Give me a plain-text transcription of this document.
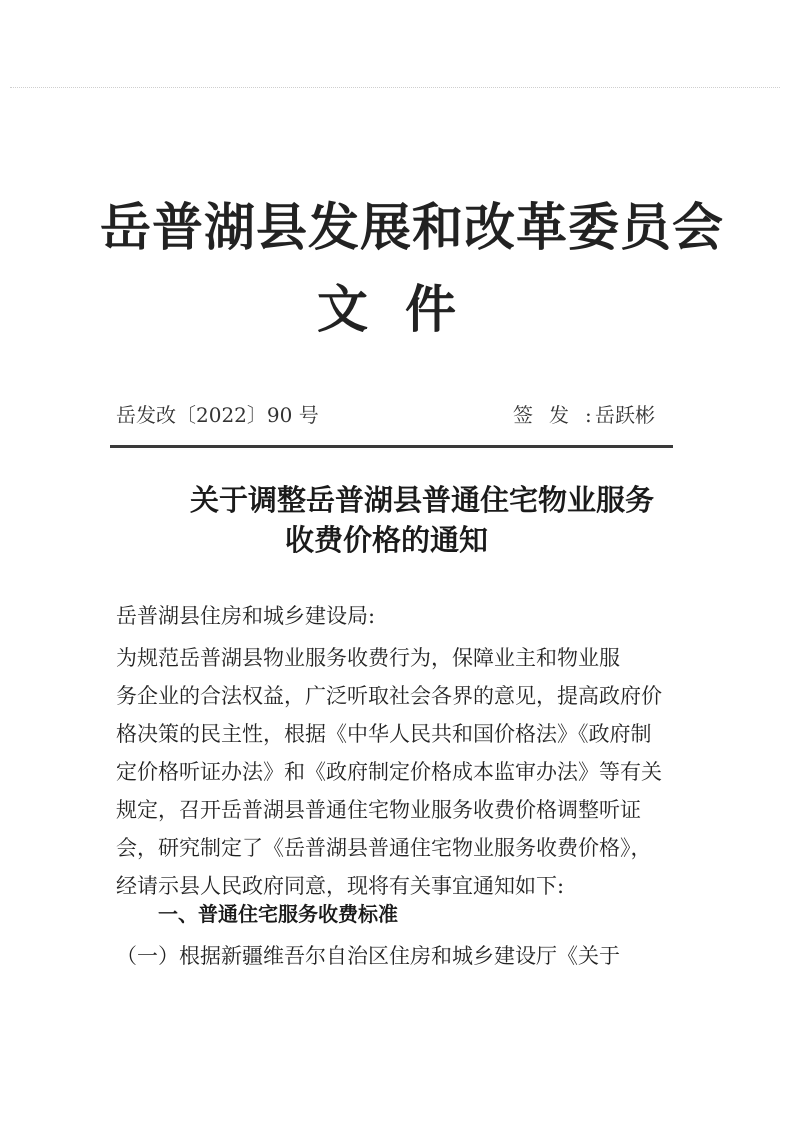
岳普湖县发展和改革委员会
文 件
岳发改〔2022〕90 号	签发:
岳跃彬
关于调整岳普湖县普通住宅物业服务
收费价格的通知
岳普湖县住房和城乡建设局:
为规范岳普湖县物业服务收费行为，保障业主和物业服
务企业的合法权益，广泛听取社会各界的意见，提高政府价
格决策的民主性，根据《中华人民共和国价格法》《政府制
定价格听证办法》和《政府制定价格成本监审办法》等有关
规定，召开岳普湖县普通住宅物业服务收费价格调整听证
会，研究制定了《岳普湖县普通住宅物业服务收费价格》，
经请示县人民政府同意，现将有关事宜通知如下:
一、普通住宅服务收费标准
（一）根据新疆维吾尔自治区住房和城乡建设厅《关于
